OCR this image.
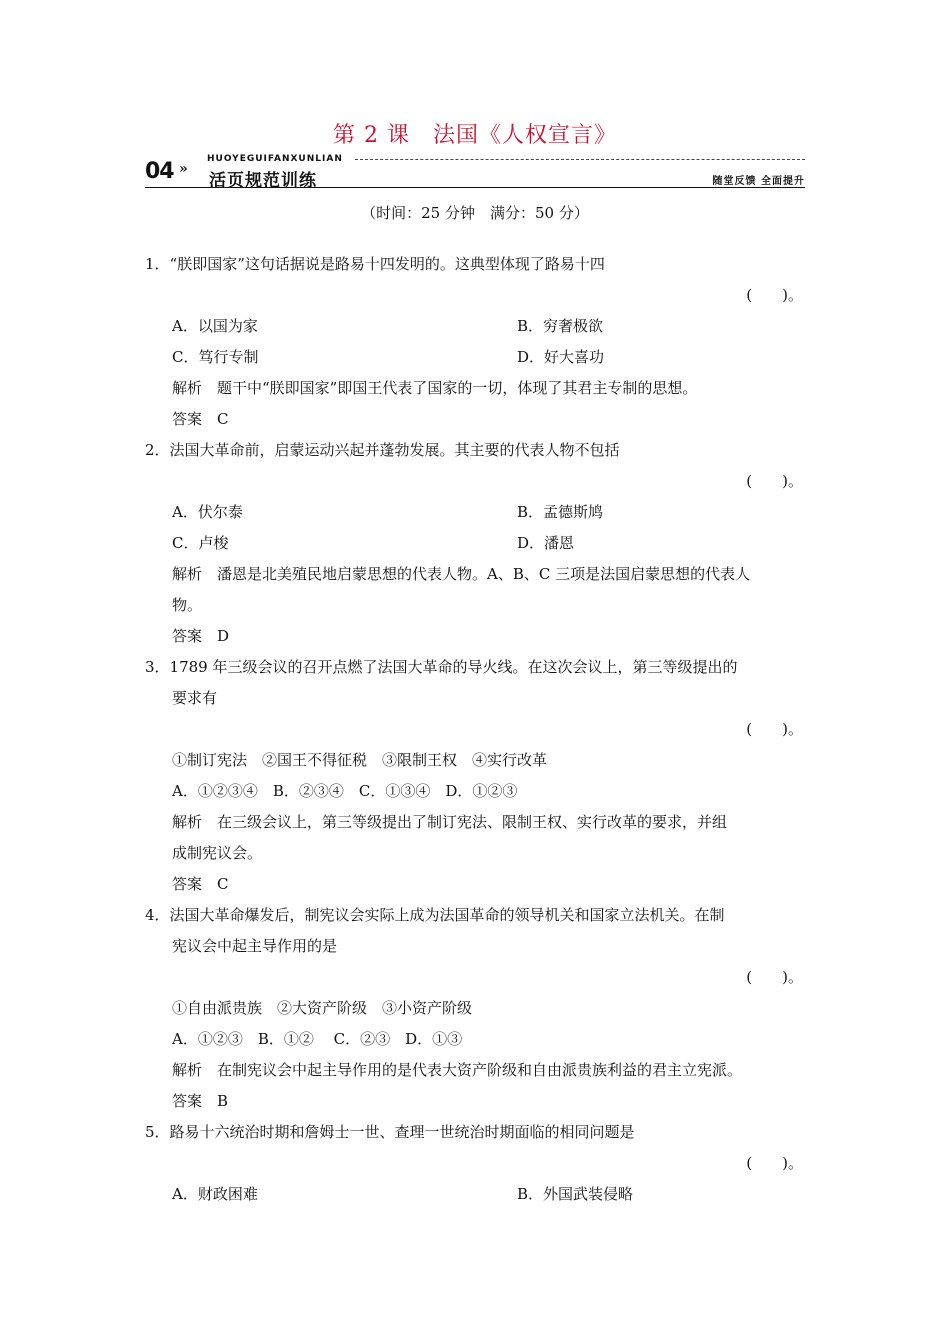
第 2 课　法国《人权宣言》
04 »
HUOYEGUIFANXUNLIAN
活页规范训练	随堂反馈 全面提升
（时间：25 分钟　满分：50 分）
1．“朕即国家”这句话据说是路易十四发明的。这典型体现了路易十四
(　　)。
A．以国为家	B．穷奢极欲
C．笃行专制	D．好大喜功
解析　题干中“朕即国家”即国王代表了国家的一切，体现了其君主专制的思想。
答案　C
2．法国大革命前，启蒙运动兴起并蓬勃发展。其主要的代表人物不包括
(　　)。
A．伏尔泰	B．孟德斯鸠
C．卢梭	D．潘恩
解析　潘恩是北美殖民地启蒙思想的代表人物。A、B、C 三项是法国启蒙思想的代表人
物。
答案　D
3．1789 年三级会议的召开点燃了法国大革命的导火线。在这次会议上，第三等级提出的
要求有
(　　)。
①制订宪法　②国王不得征税　③限制王权　④实行改革
A．①②③④　B．②③④　C．①③④　D．①②③
解析　在三级会议上，第三等级提出了制订宪法、限制王权、实行改革的要求，并组
成制宪议会。
答案　C
4．法国大革命爆发后，制宪议会实际上成为法国革命的领导机关和国家立法机关。在制
宪议会中起主导作用的是
(　　)。
①自由派贵族　②大资产阶级　③小资产阶级
A．①②③　B．①②　 C．②③　D．①③
解析　在制宪议会中起主导作用的是代表大资产阶级和自由派贵族利益的君主立宪派。
答案　B
5．路易十六统治时期和詹姆士一世、查理一世统治时期面临的相同问题是
(　　)。
A．财政困难	B．外国武装侵略
